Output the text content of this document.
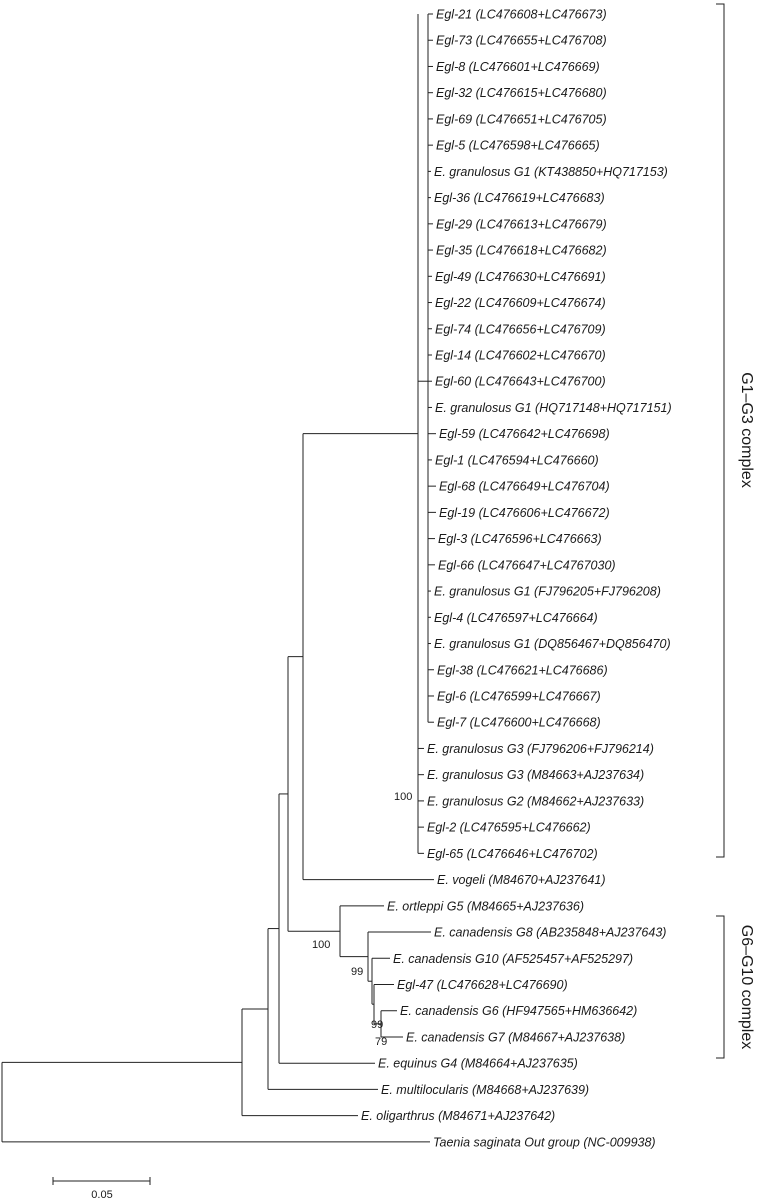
Egl-21 (LC476608+LC476673)
Egl-73 (LC476655+LC476708)
Egl-8 (LC476601+LC476669)
Egl-32 (LC476615+LC476680)
Egl-69 (LC476651+LC476705)
Egl-5 (LC476598+LC476665)
E. granulosus G1 (KT438850+HQ717153)
Egl-36 (LC476619+LC476683)
Egl-29 (LC476613+LC476679)
Egl-35 (LC476618+LC476682)
Egl-49 (LC476630+LC476691)
Egl-22 (LC476609+LC476674)
Egl-74 (LC476656+LC476709)
Egl-14 (LC476602+LC476670)
Egl-60 (LC476643+LC476700)
E. granulosus G1 (HQ717148+HQ717151)
Egl-59 (LC476642+LC476698)
Egl-1 (LC476594+LC476660)
Egl-68 (LC476649+LC476704)
Egl-19 (LC476606+LC476672)
Egl-3 (LC476596+LC476663)
Egl-66 (LC476647+LC4767030)
E. granulosus G1 (FJ796205+FJ796208)
Egl-4 (LC476597+LC476664)
E. granulosus G1 (DQ856467+DQ856470)
Egl-38 (LC476621+LC476686)
Egl-6 (LC476599+LC476667)
Egl-7 (LC476600+LC476668)
E. granulosus G3 (FJ796206+FJ796214)
E. granulosus G3 (M84663+AJ237634)
E. granulosus G2 (M84662+AJ237633)
Egl-2 (LC476595+LC476662)
Egl-65 (LC476646+LC476702)
E. vogeli (M84670+AJ237641)
E. ortleppi G5 (M84665+AJ237636)
E. canadensis G8 (AB235848+AJ237643)
E. canadensis G10 (AF525457+AF525297)
Egl-47 (LC476628+LC476690)
E. canadensis G6 (HF947565+HM636642)
E. canadensis G7 (M84667+AJ237638)
E. equinus G4 (M84664+AJ237635)
E. multilocularis (M84668+AJ237639)
E. oligarthrus (M84671+AJ237642)
Taenia saginata Out group (NC-009938)
100
100
99
99
79
G1–G3 complex
G6–G10 complex
0.05
